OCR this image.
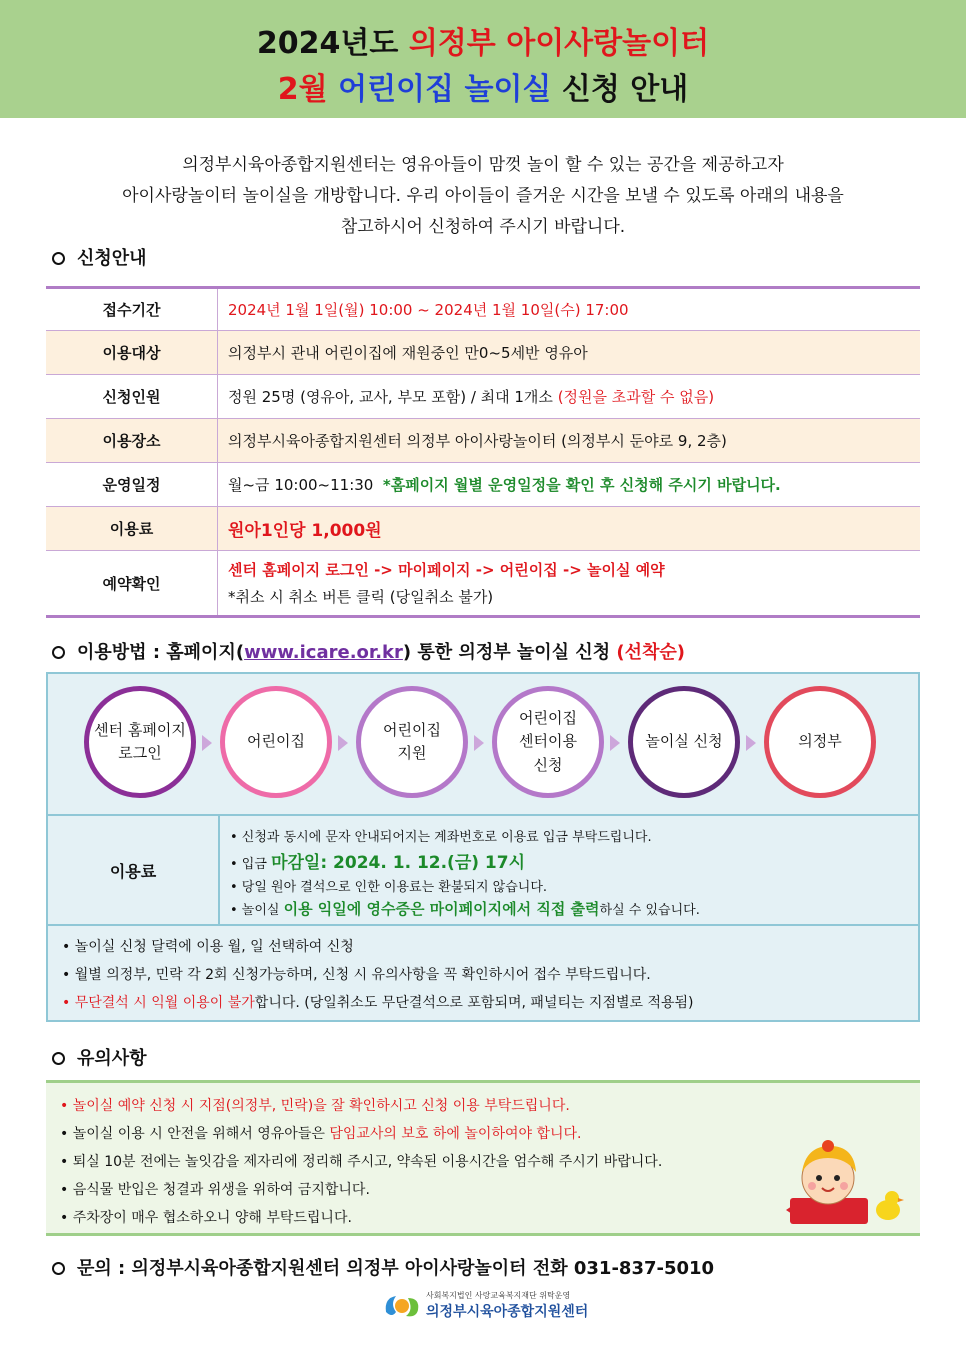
2024년도 의정부 아이사랑놀이터
2월 어린이집 놀이실 신청 안내
의정부시육아종합지원센터는 영유아들이 맘껏 놀이 할 수 있는 공간을 제공하고자
아이사랑놀이터 놀이실을 개방합니다. 우리 아이들이 즐거운 시간을 보낼 수 있도록 아래의 내용을
참고하시어 신청하여 주시기 바랍니다.
신청안내
접수기간	2024년 1월 1일(월) 10:00 ~ 2024년 1월 10일(수) 17:00
이용대상	의정부시 관내 어린이집에 재원중인 만0~5세반 영유아
신청인원	정원 25명 (영유아, 교사, 부모 포함) / 최대 1개소
(정원을 초과할 수 없음)
이용장소	의정부시육아종합지원센터 의정부 아이사랑놀이터 (의정부시 둔야로 9, 2층)
운영일정	월~금 10:00~11:30
*홈페이지 월별 운영일정을 확인 후 신청해 주시기 바랍니다.
이용료	원아1인당 1,000원
예약확인
센터 홈페이지 로그인 -> 마이페이지 -> 어린이집 -> 놀이실 예약
*취소 시 취소 버튼 클릭 (당일취소 불가)
이용방법 : 홈페이지(www.icare.or.kr) 통한 의정부 놀이실 신청 (선착순)
센터 홈페이지
로그인
어린이집
어린이집
지원
어린이집
센터이용
신청
놀이실 신청	의정부
이용료
• 신청과 동시에 문자 안내되어지는 계좌번호로 이용료 입금 부탁드립니다.
• 입금 마감일: 2024. 1. 12.(금) 17시
• 당일 원아 결석으로 인한 이용료는 환불되지 않습니다.
• 놀이실 이용 익일에 영수증은 마이페이지에서 직접 출력하실 수 있습니다.
• 놀이실 신청 달력에 이용 월, 일 선택하여 신청
• 월별 의정부, 민락 각 2회 신청가능하며, 신청 시 유의사항을 꼭 확인하시어 접수 부탁드립니다.
• 무단결석 시 익월 이용이 불가합니다. (당일취소도 무단결석으로 포함되며, 패널티는 지점별로 적용됨)
유의사항
• 놀이실 예약 신청 시 지점(의정부, 민락)을 잘 확인하시고 신청 이용 부탁드립니다.
• 놀이실 이용 시 안전을 위해서 영유아들은 담임교사의 보호 하에 놀이하여야 합니다.
• 퇴실 10분 전에는 놀잇감을 제자리에 정리해 주시고, 약속된 이용시간을 엄수해 주시기 바랍니다.
• 음식물 반입은 청결과 위생을 위하여 금지합니다.
• 주차장이 매우 협소하오니 양해 부탁드립니다.
문의 : 의정부시육아종합지원센터 의정부 아이사랑놀이터 전화 031-837-5010
사회복지법인 사랑교육복지재단 위탁운영
의정부시육아종합지원센터
